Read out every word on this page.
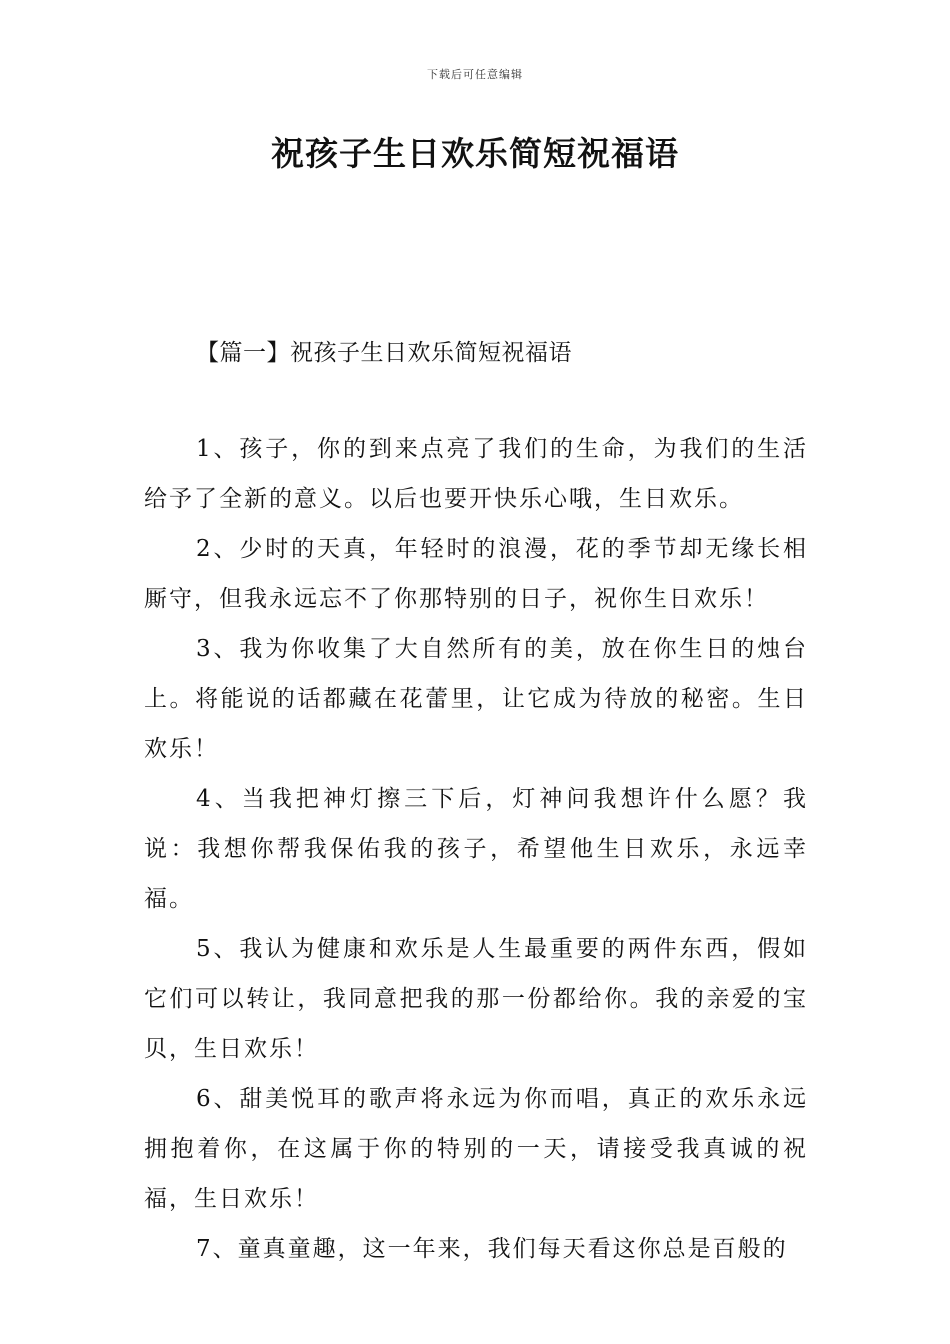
下载后可任意编辑
祝孩子生日欢乐简短祝福语
【篇一】祝孩子生日欢乐简短祝福语

1、孩子，你的到来点亮了我们的生命，为我们的生活给予了全新的意义。以后也要开快乐心哦，生日欢乐。

2、少时的天真，年轻时的浪漫，花的季节却无缘长相厮守，但我永远忘不了你那特别的日子，祝你生日欢乐！

3、我为你收集了大自然所有的美，放在你生日的烛台上。将能说的话都藏在花蕾里，让它成为待放的秘密。生日欢乐！

4、当我把神灯擦三下后，灯神问我想许什么愿？我说：我想你帮我保佑我的孩子，希望他生日欢乐，永远幸福。

5、我认为健康和欢乐是人生最重要的两件东西，假如它们可以转让，我同意把我的那一份都给你。我的亲爱的宝贝，生日欢乐！

6、甜美悦耳的歌声将永远为你而唱，真正的欢乐永远拥抱着你，在这属于你的特别的一天，请接受我真诚的祝福，生日欢乐！

7、童真童趣，这一年来，我们每天看这你总是百般的
